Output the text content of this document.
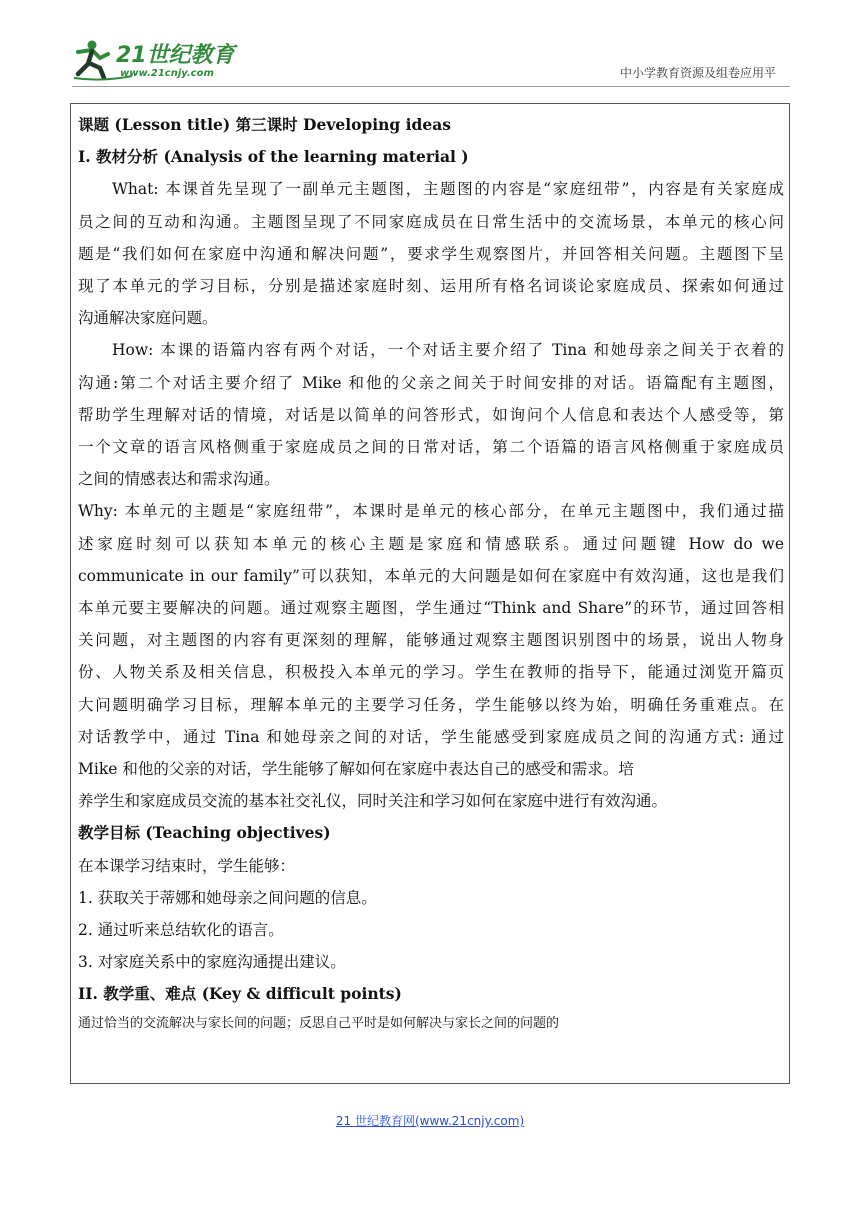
21世纪教育
www.21cnjy.com	中小学教育资源及组卷应用平

课题 (Lesson title) 第三课时 Developing ideas

I. 教材分析 (Analysis of the learning material )

What: 本课首先呈现了一副单元主题图，主题图的内容是“家庭纽带”，内容是有关家庭成

员之间的互动和沟通。主题图呈现了不同家庭成员在日常生活中的交流场景，本单元的核心问

题是“我们如何在家庭中沟通和解决问题”，要求学生观察图片，并回答相关问题。主题图下呈

现了本单元的学习目标，分别是描述家庭时刻、运用所有格名词谈论家庭成员、探索如何通过

沟通解决家庭问题。

How: 本课的语篇内容有两个对话，一个对话主要介绍了 Tina 和她母亲之间关于衣着的

沟通:第二个对话主要介绍了 Mike 和他的父亲之间关于时间安排的对话。语篇配有主题图，

帮助学生理解对话的情境，对话是以简单的问答形式，如询问个人信息和表达个人感受等，第

一个文章的语言风格侧重于家庭成员之间的日常对话，第二个语篇的语言风格侧重于家庭成员

之间的情感表达和需求沟通。

Why: 本单元的主题是“家庭纽带”，本课时是单元的核心部分，在单元主题图中，我们通过描

述家庭时刻可以获知本单元的核心主题是家庭和情感联系。通过问题键 How do we

communicate in our family”可以获知，本单元的大问题是如何在家庭中有效沟通，这也是我们

本单元要主要解决的问题。通过观察主题图，学生通过“Think and Share”的环节，通过回答相

关问题，对主题图的内容有更深刻的理解，能够通过观察主题图识别图中的场景，说出人物身

份、人物关系及相关信息，积极投入本单元的学习。学生在教师的指导下，能通过浏览开篇页

大问题明确学习目标，理解本单元的主要学习任务，学生能够以终为始，明确任务重难点。在

对话教学中，通过 Tina 和她母亲之间的对话，学生能感受到家庭成员之间的沟通方式: 通过

Mike 和他的父亲的对话，学生能够了解如何在家庭中表达自己的感受和需求。培

养学生和家庭成员交流的基本社交礼仪，同时关注和学习如何在家庭中进行有效沟通。

教学目标 (Teaching objectives)

在本课学习结束时，学生能够：

1. 获取关于蒂娜和她母亲之间问题的信息。

2. 通过听来总结软化的语言。

3. 对家庭关系中的家庭沟通提出建议。

II. 教学重、难点 (Key & difficult points)

通过恰当的交流解决与家长间的问题；反思自己平时是如何解决与家长之间的问题的

21 世纪教育网(www.21cnjy.com)
